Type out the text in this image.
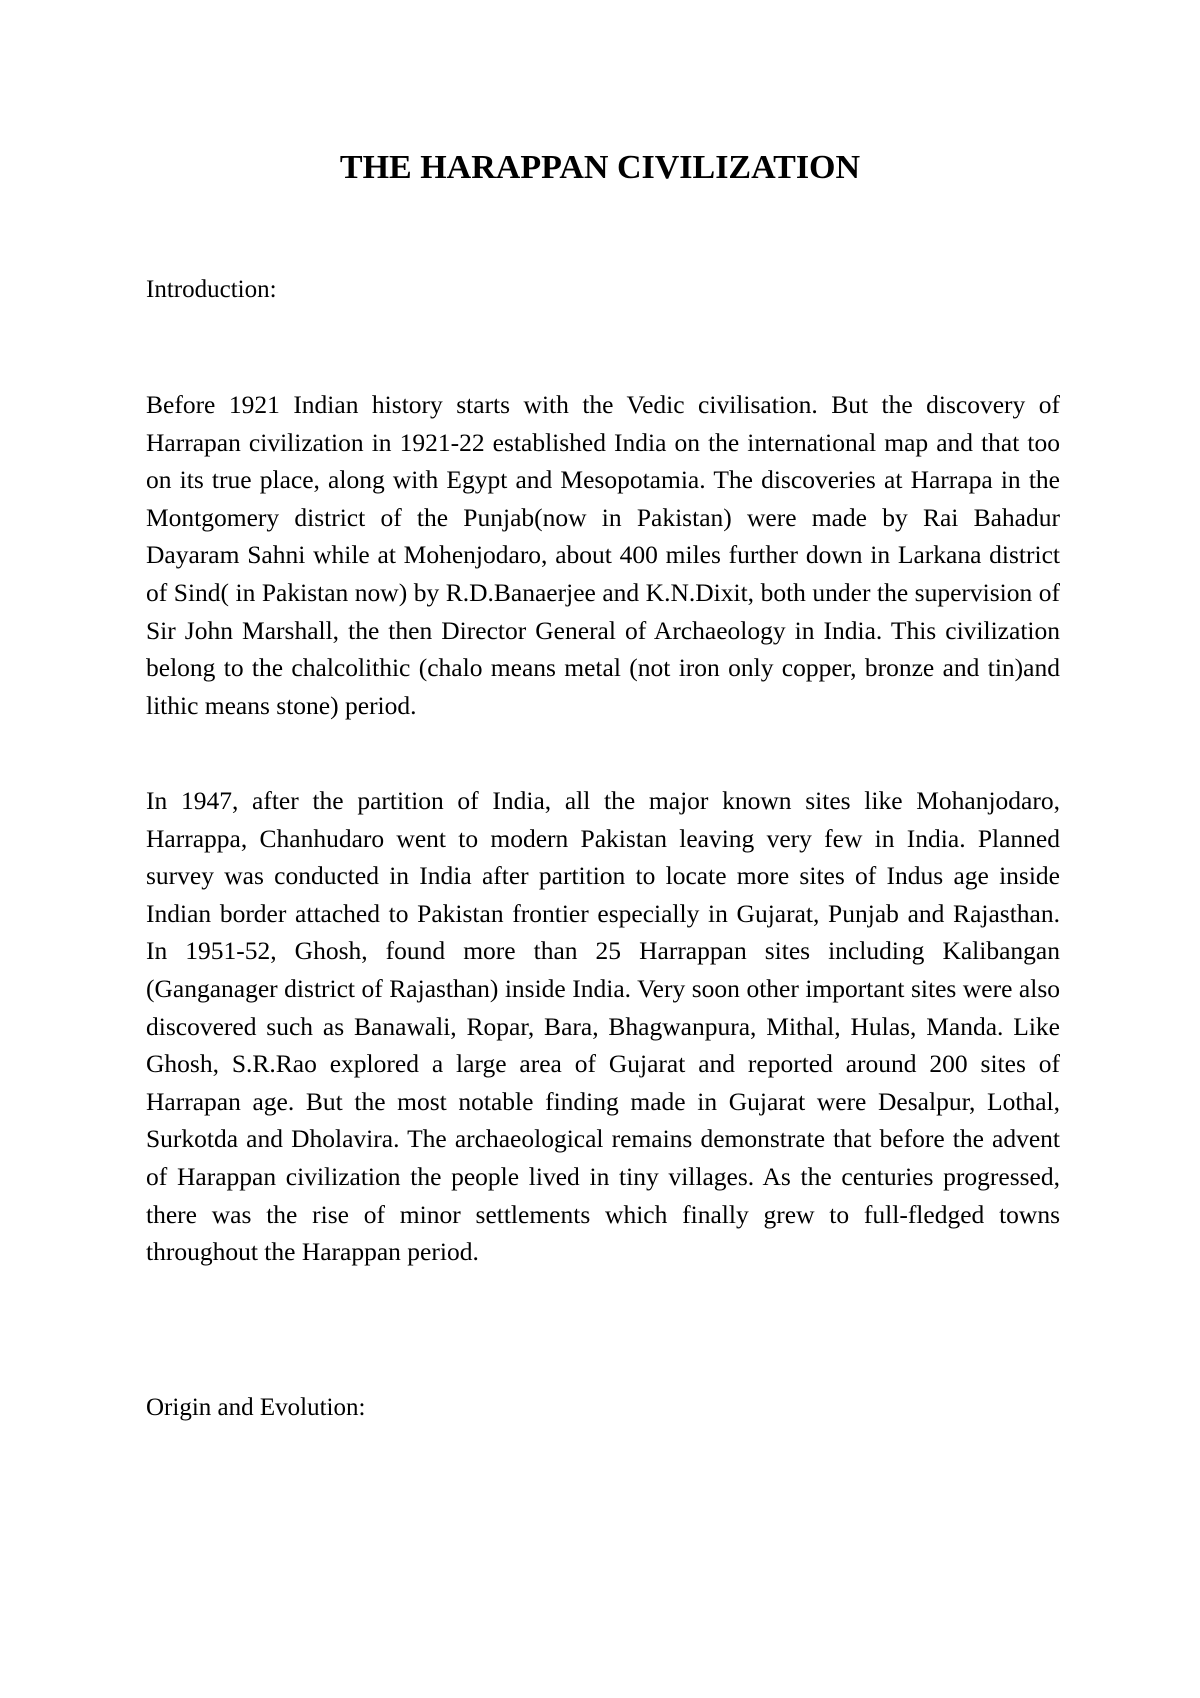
THE HARAPPAN CIVILIZATION

Introduction:

Before 1921 Indian history starts with the Vedic civilisation. But the discovery of Harrapan civilization in 1921-22 established India on the international map and that too on its true place, along with Egypt and Mesopotamia. The discoveries at Harrapa in the Montgomery district of the Punjab(now in Pakistan) were made by Rai Bahadur Dayaram Sahni while at Mohenjodaro, about 400 miles further down in Larkana district of Sind( in Pakistan now) by R.D.Banaerjee and K.N.Dixit, both under the supervision of Sir John Marshall, the then Director General of Archaeology in India. This civilization belong to the chalcolithic (chalo means metal (not iron only copper, bronze and tin)and lithic means stone) period.

In 1947, after the partition of India, all the major known sites like Mohanjodaro, Harrappa, Chanhudaro went to modern Pakistan leaving very few in India. Planned survey was conducted in India after partition to locate more sites of Indus age inside Indian border attached to Pakistan frontier especially in Gujarat, Punjab and Rajasthan. In 1951-52, Ghosh, found more than 25 Harrappan sites including Kalibangan (Ganganager district of Rajasthan) inside India. Very soon other important sites were also discovered such as Banawali, Ropar, Bara, Bhagwanpura, Mithal, Hulas, Manda. Like Ghosh, S.R.Rao explored a large area of Gujarat and reported around 200 sites of Harrapan age. But the most notable finding made in Gujarat were Desalpur, Lothal, Surkotda and Dholavira. The archaeological remains demonstrate that before the advent of Harappan civilization the people lived in tiny villages. As the centuries progressed, there was the rise of minor settlements which finally grew to full-fledged towns throughout the Harappan period.

Origin and Evolution:
